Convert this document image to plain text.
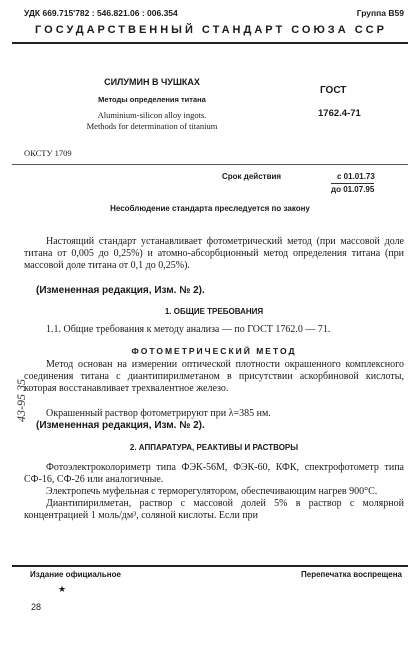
УДК 669.715'782 : 546.821.06 : 006.354	Группа В59
ГОСУДАРСТВЕННЫЙ СТАНДАРТ СОЮЗА ССР
СИЛУМИН В ЧУШКАХ
Методы определения титана
Aluminium-silicon alloy ingots.
Methods for determination of titanium
ГОСТ
1762.4-71
ОКСТУ 1709
Срок действия	с 01.01.73
до 01.07.95
Несоблюдение стандарта преследуется по закону

Настоящий стандарт устанавливает фотометрический метод (при массовой доле титана от 0,005 до 0,25%) и атомно-абсорбционный метод определения титана (при массовой доле титана от 0,1 до 0,25%).

(Измененная редакция, Изм. № 2).
1. ОБЩИЕ ТРЕБОВАНИЯ

1.1. Общие требования к методу анализа — по ГОСТ 1762.0 — 71.

ФОТОМЕТРИЧЕСКИЙ МЕТОД

Метод основан на измерении оптической плотности окрашенного комплексного соединения титана с диантипирилметаном в присутствии аскорбиновой кислоты, которая восстанавливает трехвалентное железо.

Окрашенный раствор фотометрируют при λ=385 нм.

(Измененная редакция, Изм. № 2).
2. АППАРАТУРА, РЕАКТИВЫ И РАСТВОРЫ

Фотоэлектроколориметр типа ФЭК-56М, ФЭК-60, КФК, спектрофотометр типа СФ-16, СФ-26 или аналогичные.

Электропечь муфельная с терморегулятором, обеспечивающим нагрев 900°С.

Диантипирилметан, раствор с массовой долей 5% в раствор с молярной концентрацией 1 моль/дм³, соляной кислоты. Если при

43-95 35
Издание официальное
★
Перепечатка воспрещена
28
